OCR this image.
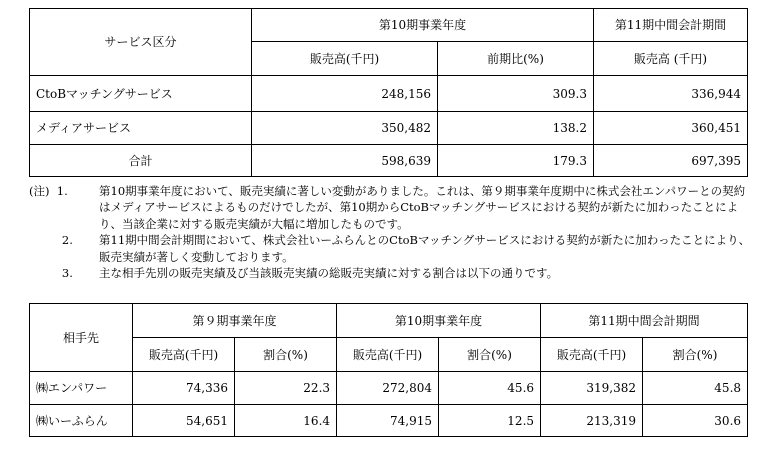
サービス区分	第10期事業年度		第11期中間会計期間
	販売高(千円)	前期比(%)	販売高 (千円)
CtoBマッチングサービス	248,156	309.3	336,944
メディアサービス	350,482	138.2	360,451
合計	598,639	179.3	697,395
(注) 1.	第10期事業年度において、販売実績に著しい変動がありました。これは、第９期事業年度期中に株式会社エンパワーとの契約はメディアサービスによるものだけでしたが、第10期からCtoBマッチングサービスにおける契約が新たに加わったことにより、当該企業に対する販売実績が大幅に増加したものです。
2.	第11期中間会計期間において、株式会社いーふらんとのCtoBマッチングサービスにおける契約が新たに加わったことにより、販売実績が著しく変動しております。
3.	主な相手先別の販売実績及び当該販売実績の総販売実績に対する割合は以下の通りです。
相手先	第９期事業年度		第10期事業年度		第11期中間会計期間	
	販売高(千円)	割合(%)	販売高(千円)	割合(%)	販売高(千円)	割合(%)
㈱エンパワー	74,336	22.3	272,804	45.6	319,382	45.8
㈱いーふらん	54,651	16.4	74,915	12.5	213,319	30.6
